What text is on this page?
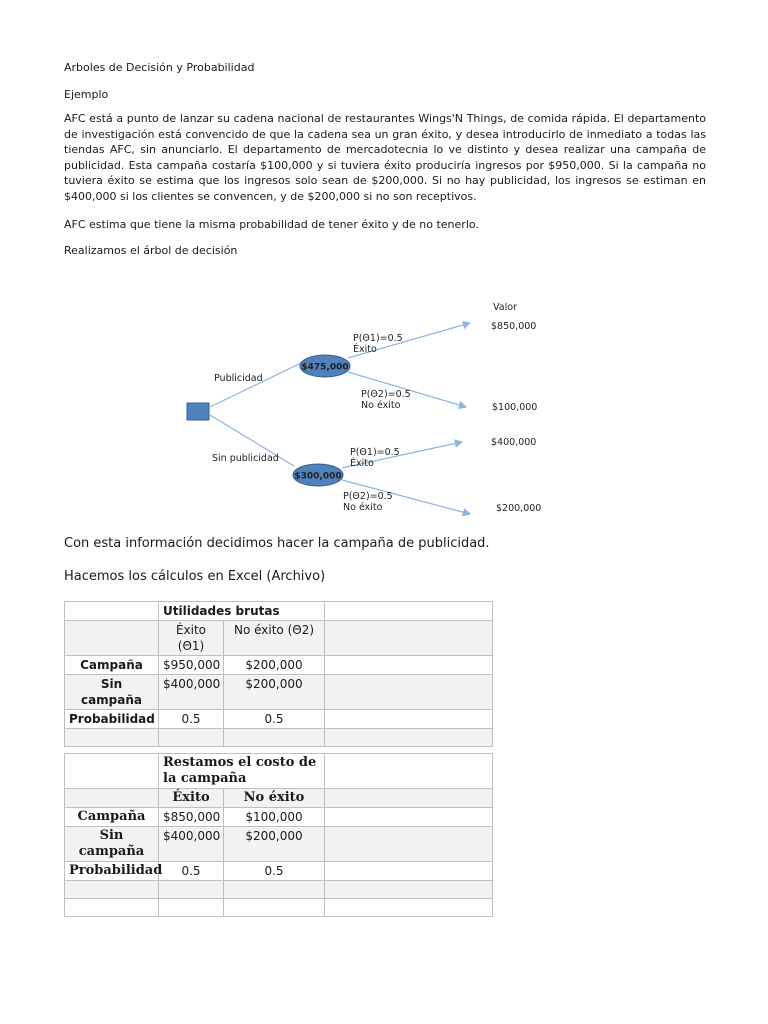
Arboles de Decisión y Probabilidad

Ejemplo

AFC está a punto de lanzar su cadena nacional de restaurantes Wings'N Things, de comida rápida. El departamento de investigación está convencido de que la cadena sea un gran éxito, y desea introducirlo de inmediato a todas las tiendas AFC, sin anunciarlo. El departamento de mercadotecnia lo ve distinto y desea realizar una campaña de publicidad. Esta campaña costaría $100,000 y si tuviera éxito produciría ingresos por $950,000. Si la campaña no tuviera éxito se estima que los ingresos solo sean de $200,000. Si no hay publicidad, los ingresos se estiman en $400,000 si los clientes se convencen, y de $200,000 si no son receptivos.

AFC estima que tiene la misma probabilidad de tener éxito y de no tenerlo.

Realizamos el árbol de decisión

$475,000
$300,000
Publicidad
Sin publicidad
Valor
P(Θ1)=0.5
Éxito
P(Θ2)=0.5
No éxito
P(Θ1)=0.5
Éxito
P(Θ2)=0.5
No éxito
$850,000
$100,000
$400,000
$200,000

Con esta información decidimos hacer la campaña de publicidad.

Hacemos los cálculos en Excel (Archivo)

	Utilidades brutas		
	Éxito (Θ1)	No éxito (Θ2)	
Campaña	$950,000	$200,000	
Sin campaña	$400,000	$200,000	
Probabilidad	0.5	0.5	

	Restamos el costo de la campaña		
	Éxito	No éxito	
Campaña	$850,000	$100,000	
Sin campaña	$400,000	$200,000	
Probabilidad	0.5	0.5	
